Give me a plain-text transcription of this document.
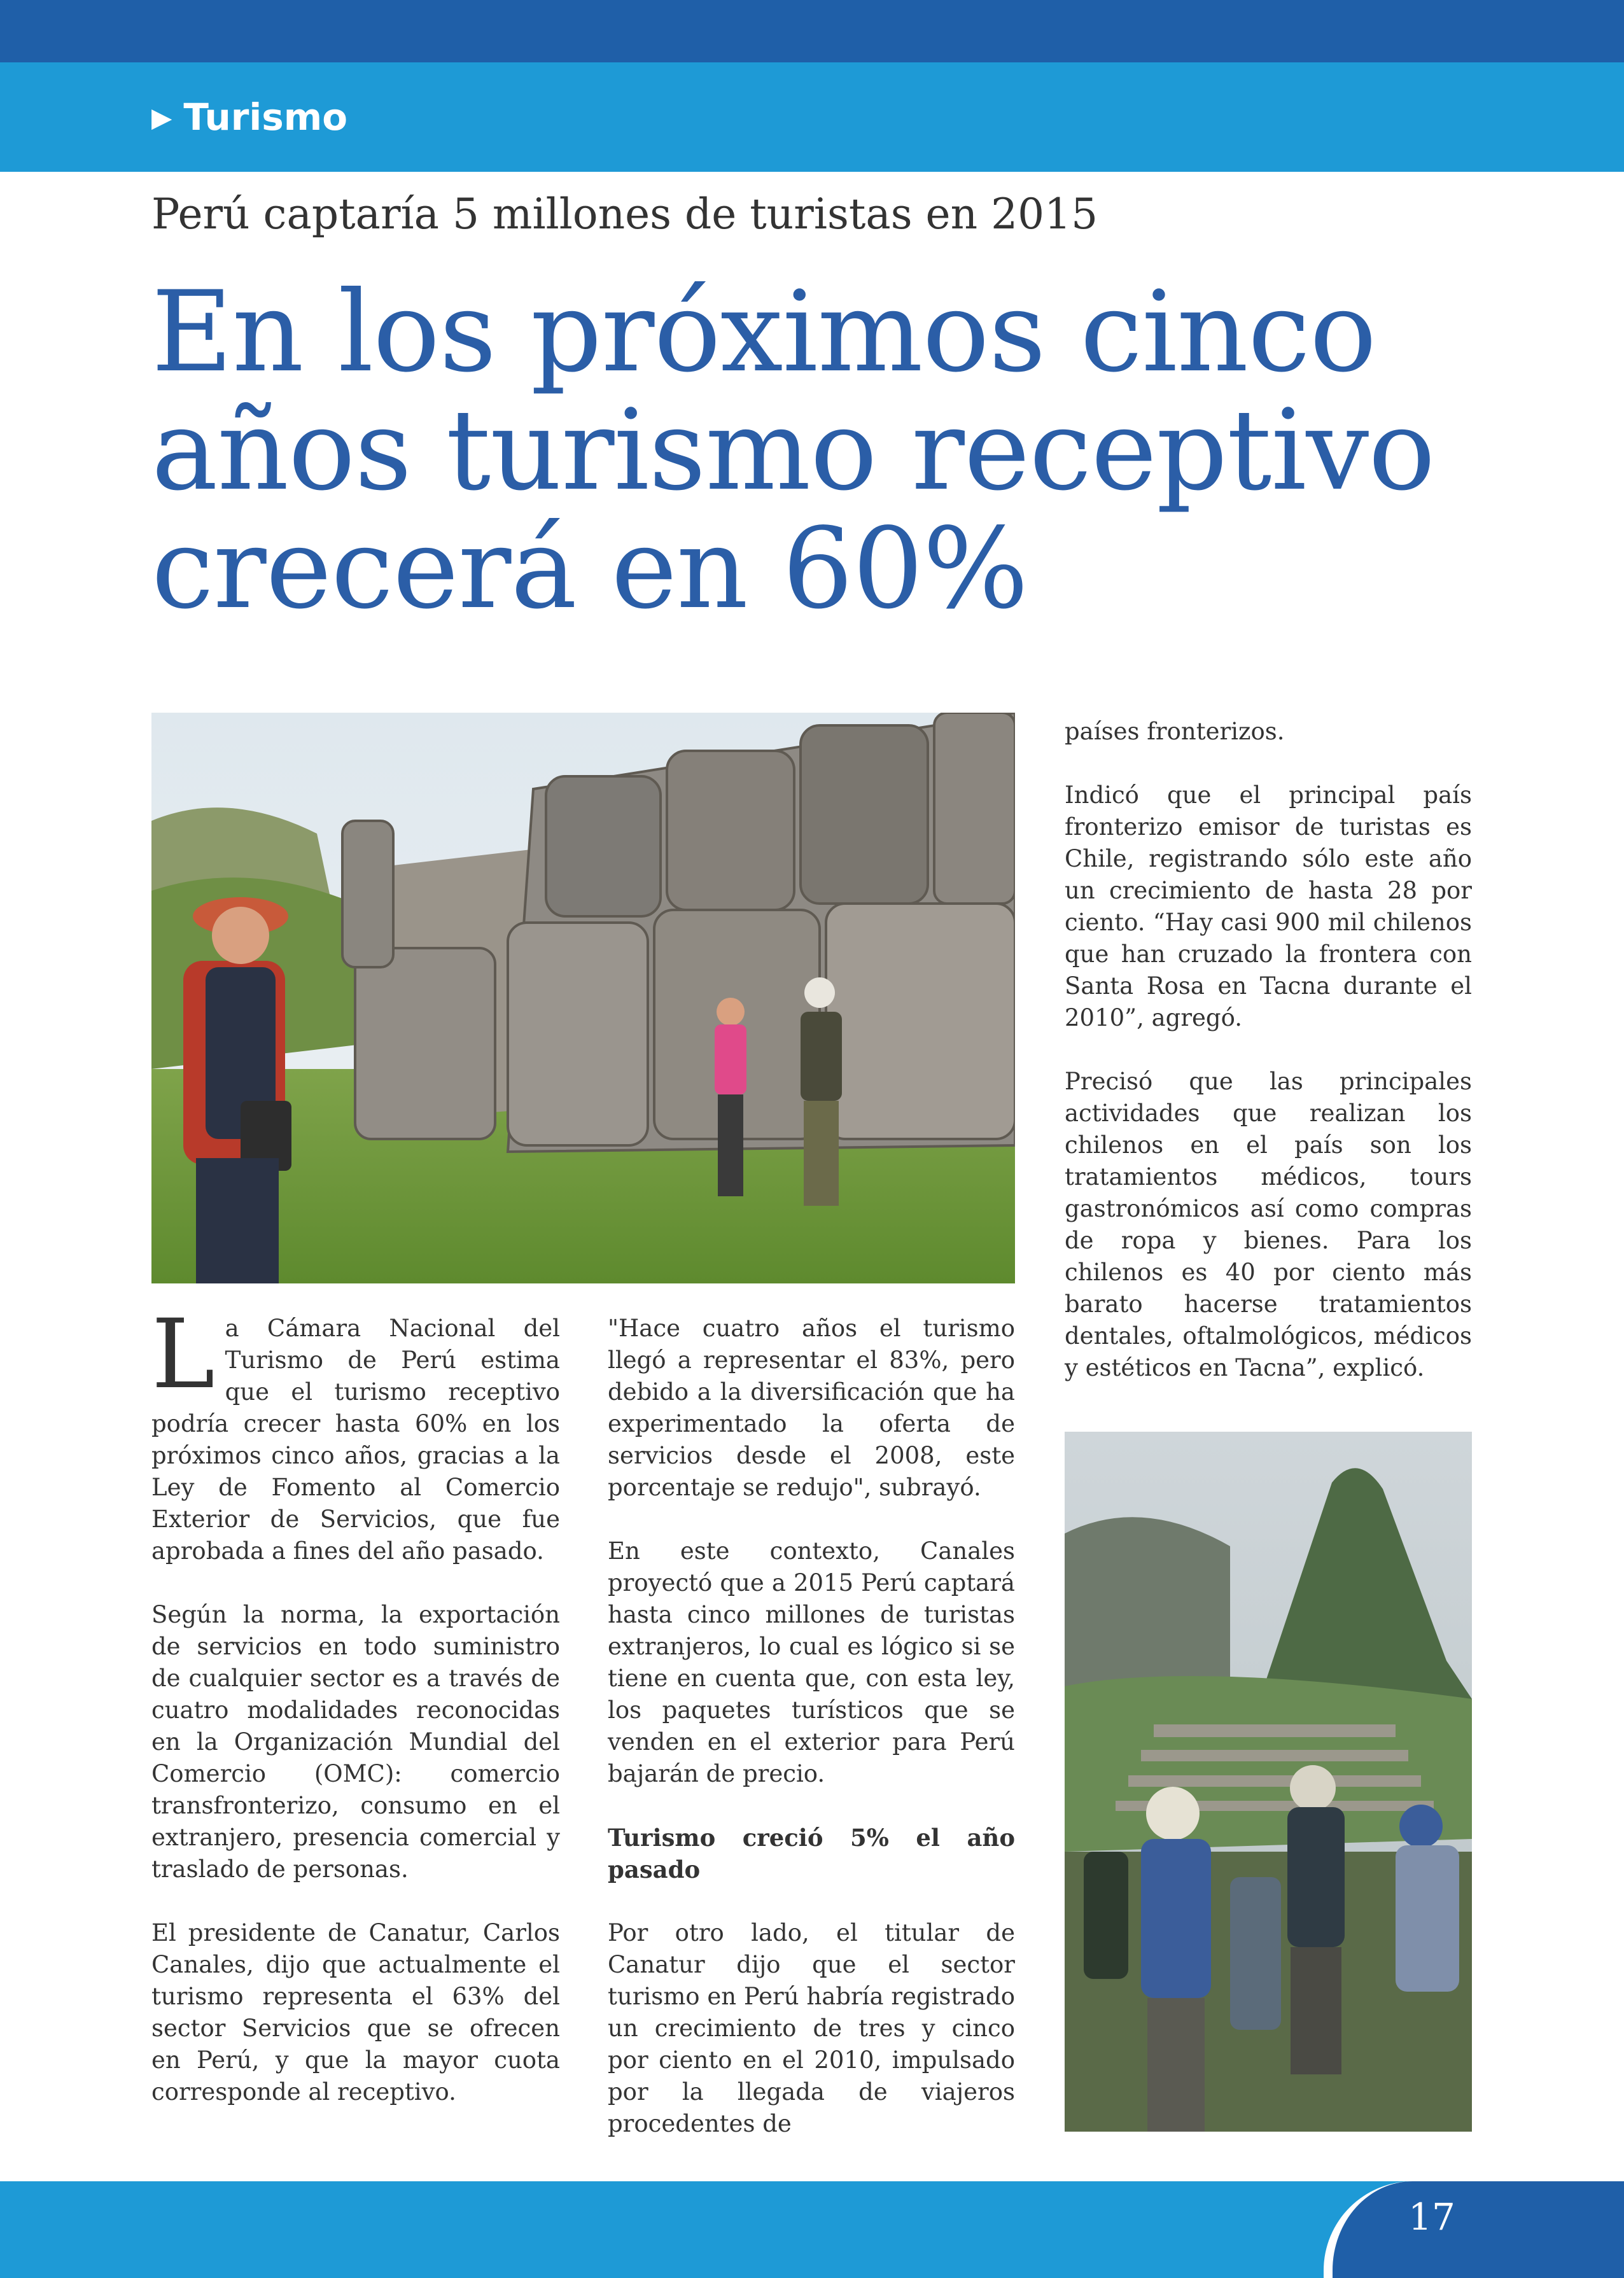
▶ Turismo
Perú captaría 5 millones de turistas en 2015
En los próximos cinco
años turismo receptivo
crecerá en 60%

La Cámara Nacional del Turismo de Perú estima que el turismo receptivo podría crecer hasta 60% en los próximos cinco años, gracias a la Ley de Fomento al Comercio Exterior de Servicios, que fue aprobada a fines del año pasado.

Según la norma, la exportación de servicios en todo suministro de cualquier sector es a través de cuatro modalidades reconocidas en la Organización Mundial del Comercio (OMC): comercio transfronterizo, consumo en el extranjero, presencia comercial y traslado de personas.

El presidente de Canatur, Carlos Canales, dijo que actualmente el turismo representa el 63% del sector Servicios que se ofrecen en Perú, y que la mayor cuota corresponde al receptivo.

"Hace cuatro años el turismo llegó a representar el 83%, pero debido a la diversificación que ha experimentado la oferta de servicios desde el 2008, este porcentaje se redujo", subrayó.

En este contexto, Canales proyectó que a 2015 Perú captará hasta cinco millones de turistas extranjeros, lo cual es lógico si se tiene en cuenta que, con esta ley, los paquetes turísticos que se venden en el exterior para Perú bajarán de precio.

Turismo creció 5% el año pasado

Por otro lado, el titular de Canatur dijo que el sector turismo en Perú habría registrado un crecimiento de tres y cinco por ciento en el 2010, impulsado por la llegada de viajeros procedentes de

países fronterizos.

Indicó que el principal país fronterizo emisor de turistas es Chile, registrando sólo este año un crecimiento de hasta 28 por ciento. “Hay casi 900 mil chilenos que han cruzado la frontera con Santa Rosa en Tacna durante el 2010”, agregó.

Precisó que las principales actividades que realizan los chilenos en el país son los tratamientos médicos, tours gastronómicos así como compras de ropa y bienes. Para los chilenos es 40 por ciento más barato hacerse tratamientos dentales, oftalmológicos, médicos y estéticos en Tacna”, explicó.

17
